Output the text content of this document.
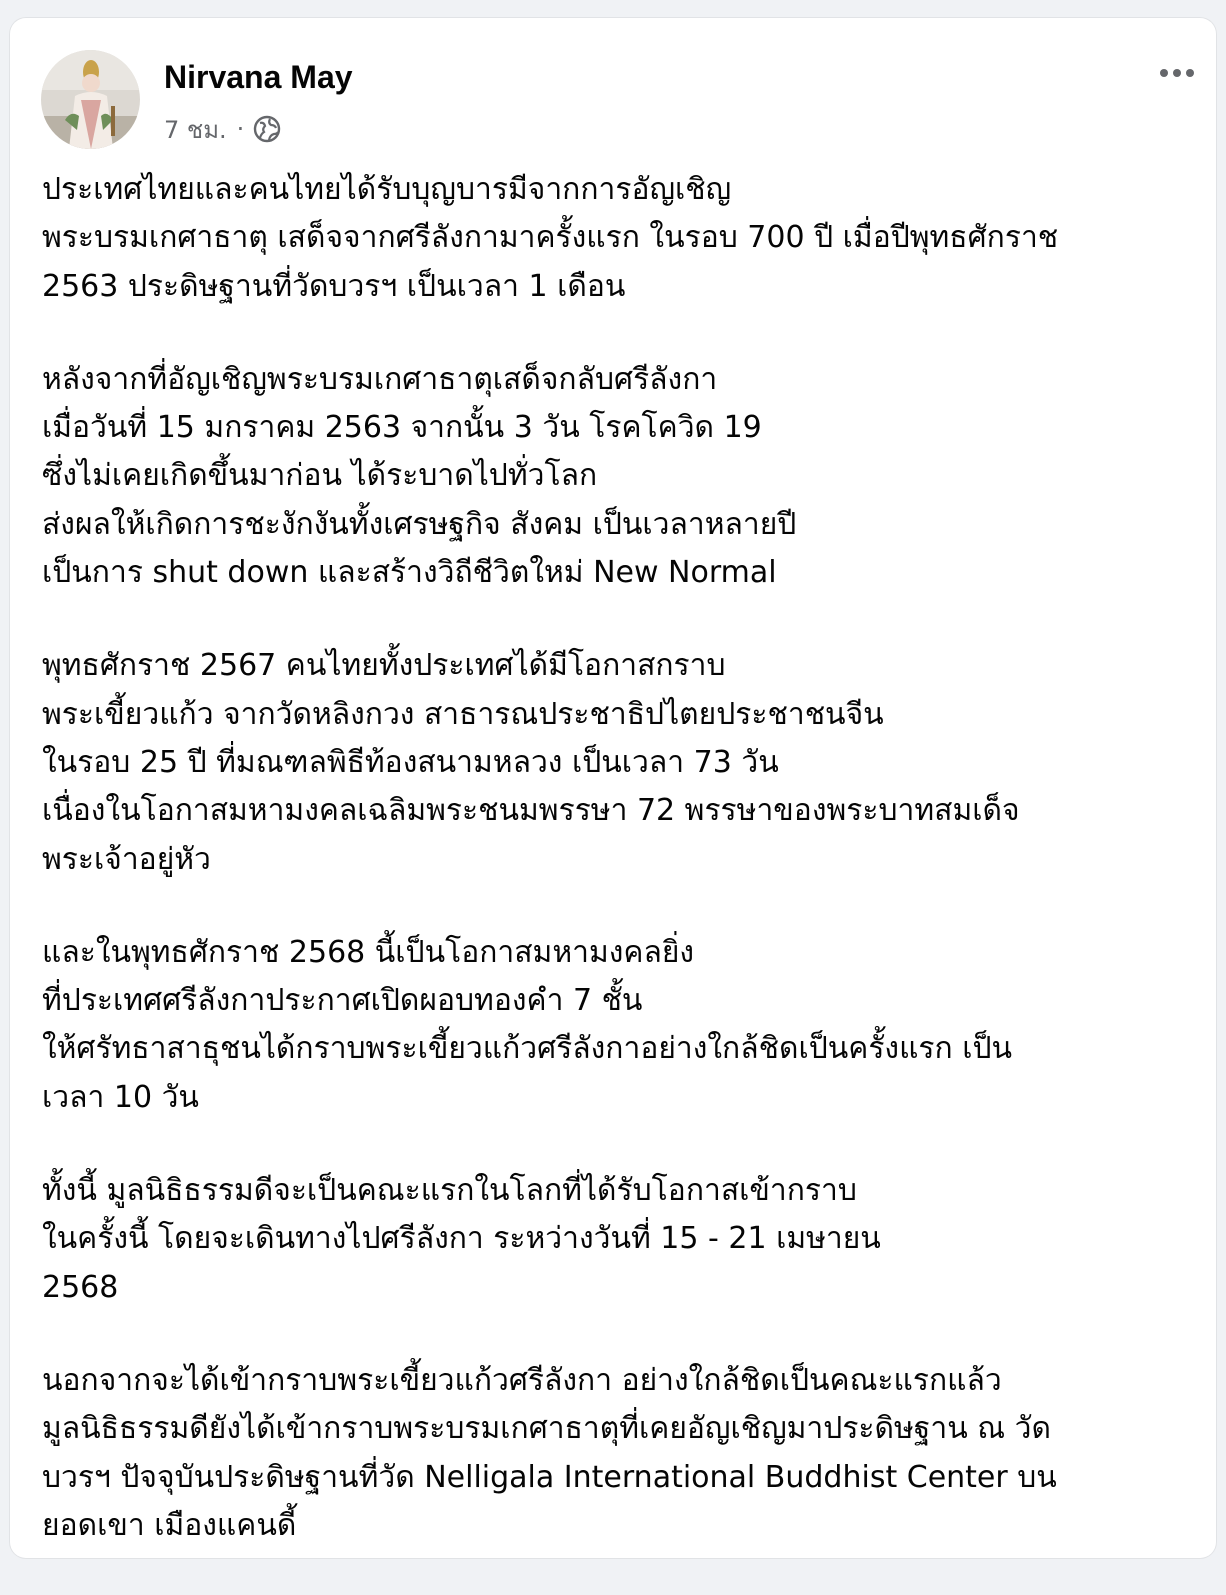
Nirvana May
7 ชม. ·
ประเทศไทยและคนไทยได้รับบุญบารมีจากการอัญเชิญ
พระบรมเกศาธาตุ เสด็จจากศรีลังกามาครั้งแรก ในรอบ 700 ปี เมื่อปีพุทธศักราช
2563 ประดิษฐานที่วัดบวรฯ เป็นเวลา 1 เดือน
หลังจากที่อัญเชิญพระบรมเกศาธาตุเสด็จกลับศรีลังกา
เมื่อวันที่ 15 มกราคม 2563 จากนั้น 3 วัน โรคโควิด 19
ซึ่งไม่เคยเกิดขึ้นมาก่อน ได้ระบาดไปทั่วโลก
ส่งผลให้เกิดการชะงักงันทั้งเศรษฐกิจ สังคม เป็นเวลาหลายปี
เป็นการ shut down และสร้างวิถีชีวิตใหม่ New Normal
พุทธศักราช 2567 คนไทยทั้งประเทศได้มีโอกาสกราบ
พระเขี้ยวแก้ว จากวัดหลิงกวง สาธารณประชาธิปไตยประชาชนจีน
ในรอบ 25 ปี ที่มณฑลพิธีท้องสนามหลวง เป็นเวลา 73 วัน
เนื่องในโอกาสมหามงคลเฉลิมพระชนมพรรษา 72 พรรษาของพระบาทสมเด็จ
พระเจ้าอยู่หัว
และในพุทธศักราช 2568 นี้เป็นโอกาสมหามงคลยิ่ง
ที่ประเทศศรีลังกาประกาศเปิดผอบทองคำ 7 ชั้น
ให้ศรัทธาสาธุชนได้กราบพระเขี้ยวแก้วศรีลังกาอย่างใกล้ชิดเป็นครั้งแรก เป็น
เวลา 10 วัน
ทั้งนี้ มูลนิธิธรรมดีจะเป็นคณะแรกในโลกที่ได้รับโอกาสเข้ากราบ
ในครั้งนี้ โดยจะเดินทางไปศรีลังกา ระหว่างวันที่ 15 - 21 เมษายน
2568
นอกจากจะได้เข้ากราบพระเขี้ยวแก้วศรีลังกา อย่างใกล้ชิดเป็นคณะแรกแล้ว
มูลนิธิธรรมดียังได้เข้ากราบพระบรมเกศาธาตุที่เคยอัญเชิญมาประดิษฐาน ณ วัด
บวรฯ ปัจจุบันประดิษฐานที่วัด Nelligala International Buddhist Center บน
ยอดเขา เมืองแคนดี้
